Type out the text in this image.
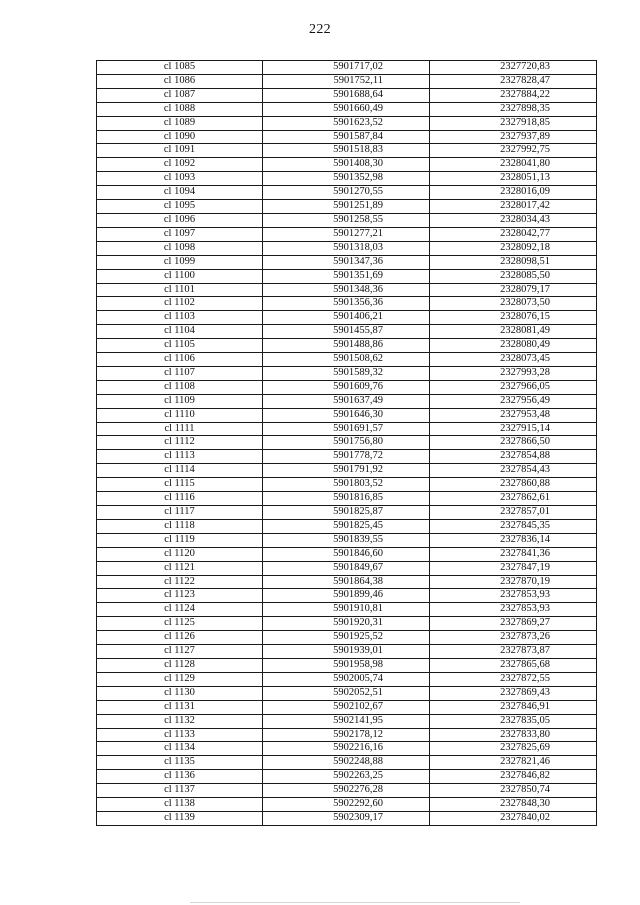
222
cl 1085	5901717,02	2327720,83
cl 1086	5901752,11	2327828,47
cl 1087	5901688,64	2327884,22
cl 1088	5901660,49	2327898,35
cl 1089	5901623,52	2327918,85
cl 1090	5901587,84	2327937,89
cl 1091	5901518,83	2327992,75
cl 1092	5901408,30	2328041,80
cl 1093	5901352,98	2328051,13
cl 1094	5901270,55	2328016,09
cl 1095	5901251,89	2328017,42
cl 1096	5901258,55	2328034,43
cl 1097	5901277,21	2328042,77
cl 1098	5901318,03	2328092,18
cl 1099	5901347,36	2328098,51
cl 1100	5901351,69	2328085,50
cl 1101	5901348,36	2328079,17
cl 1102	5901356,36	2328073,50
cl 1103	5901406,21	2328076,15
cl 1104	5901455,87	2328081,49
cl 1105	5901488,86	2328080,49
cl 1106	5901508,62	2328073,45
cl 1107	5901589,32	2327993,28
cl 1108	5901609,76	2327966,05
cl 1109	5901637,49	2327956,49
cl 1110	5901646,30	2327953,48
cl 1111	5901691,57	2327915,14
cl 1112	5901756,80	2327866,50
cl 1113	5901778,72	2327854,88
cl 1114	5901791,92	2327854,43
cl 1115	5901803,52	2327860,88
cl 1116	5901816,85	2327862,61
cl 1117	5901825,87	2327857,01
cl 1118	5901825,45	2327845,35
cl 1119	5901839,55	2327836,14
cl 1120	5901846,60	2327841,36
cl 1121	5901849,67	2327847,19
cl 1122	5901864,38	2327870,19
cl 1123	5901899,46	2327853,93
cl 1124	5901910,81	2327853,93
cl 1125	5901920,31	2327869,27
cl 1126	5901925,52	2327873,26
cl 1127	5901939,01	2327873,87
cl 1128	5901958,98	2327865,68
cl 1129	5902005,74	2327872,55
cl 1130	5902052,51	2327869,43
cl 1131	5902102,67	2327846,91
cl 1132	5902141,95	2327835,05
cl 1133	5902178,12	2327833,80
cl 1134	5902216,16	2327825,69
cl 1135	5902248,88	2327821,46
cl 1136	5902263,25	2327846,82
cl 1137	5902276,28	2327850,74
cl 1138	5902292,60	2327848,30
cl 1139	5902309,17	2327840,02
